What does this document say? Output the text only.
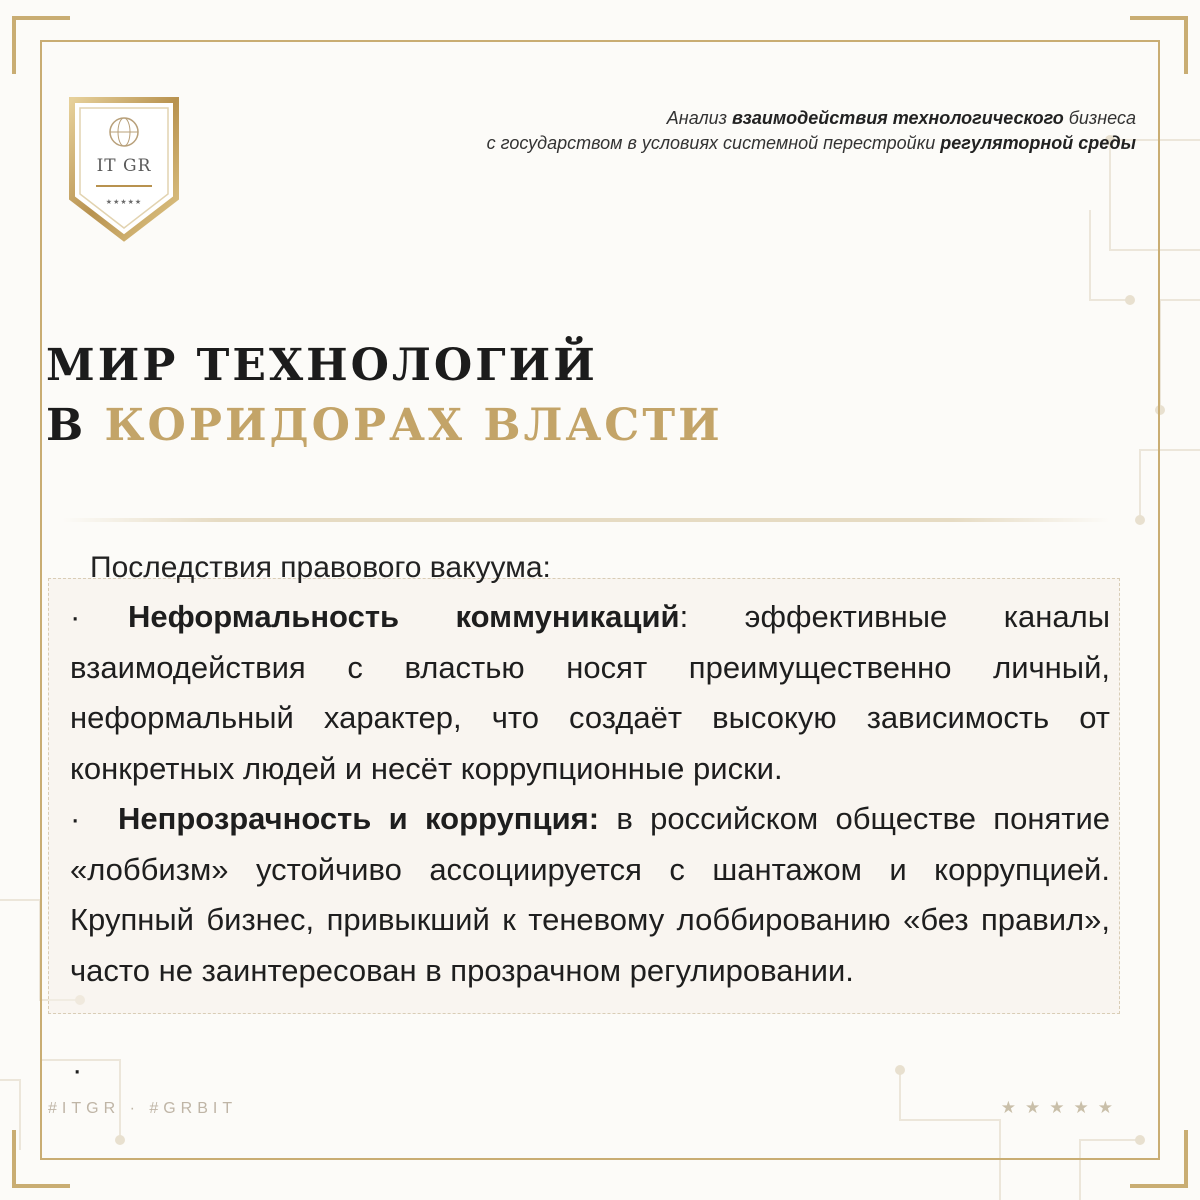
IT GR
★★★★★
Анализ взаимодействия технологического бизнеса
с государством в условиях системной перестройки регуляторной среды
МИР ТЕХНОЛОГИЙ
В КОРИДОРАХ ВЛАСТИ
Последствия правового вакуума:

· Неформальность коммуникаций: эффективные каналы взаимодействия с властью носят преимущественно личный, неформальный характер, что создаёт высокую зависимость от конкретных людей и несёт коррупционные риски.

· Непрозрачность и коррупция: в российском обществе понятие «лоббизм» устойчиво ассоциируется с шантажом и коррупцией. Крупный бизнес, привыкший к теневому лоббированию «без правил», часто не заинтересован в прозрачном регулировании.

·
#ITGR · #GRBIT	★★★★★
